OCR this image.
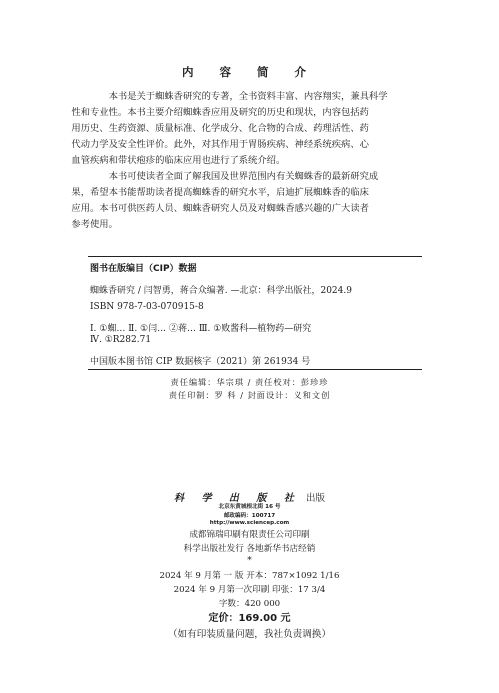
内 容 简 介

本书是关于蜘蛛香研究的专著，全书资料丰富、内容翔实，兼具科学
性和专业性。本书主要介绍蜘蛛香应用及研究的历史和现状，内容包括药
用历史、生药资源、质量标准、化学成分、化合物的合成、药理活性、药
代动力学及安全性评价。此外，对其作用于胃肠疾病、神经系统疾病、心
血管疾病和带状疱疹的临床应用也进行了系统介绍。

本书可使读者全面了解我国及世界范围内有关蜘蛛香的最新研究成
果，希望本书能帮助读者提高蜘蛛香的研究水平，启迪扩展蜘蛛香的临床
应用。本书可供医药人员、蜘蛛香研究人员及对蜘蛛香感兴趣的广大读者
参考使用。

图书在版编目（CIP）数据
蜘蛛香研究 / 闫智勇，蒋合众编著. —北京：科学出版社，2024.9
ISBN 978-7-03-070915-8
Ⅰ. ①蜘… Ⅱ. ①闫… ②蒋… Ⅲ. ①败酱科—植物药—研究
Ⅳ. ①R282.71
中国版本图书馆 CIP 数据核字（2021）第 261934 号
责任编辑：华宗琪 / 责任校对：彭珍珍
责任印制：罗 科 / 封面设计：义和文创
科 学 出 版 社 出版
北京东黄城根北街 16 号
邮政编码：100717
http://www.sciencep.com
成都锦瑞印刷有限责任公司印刷
科学出版社发行 各地新华书店经销
*
2024 年 9 月第 一 版 开本：787×1092 1/16
2024 年 9 月第一次印刷 印张：17 3/4
字数：420 000
定价：169.00 元
（如有印装质量问题，我社负责调换）
